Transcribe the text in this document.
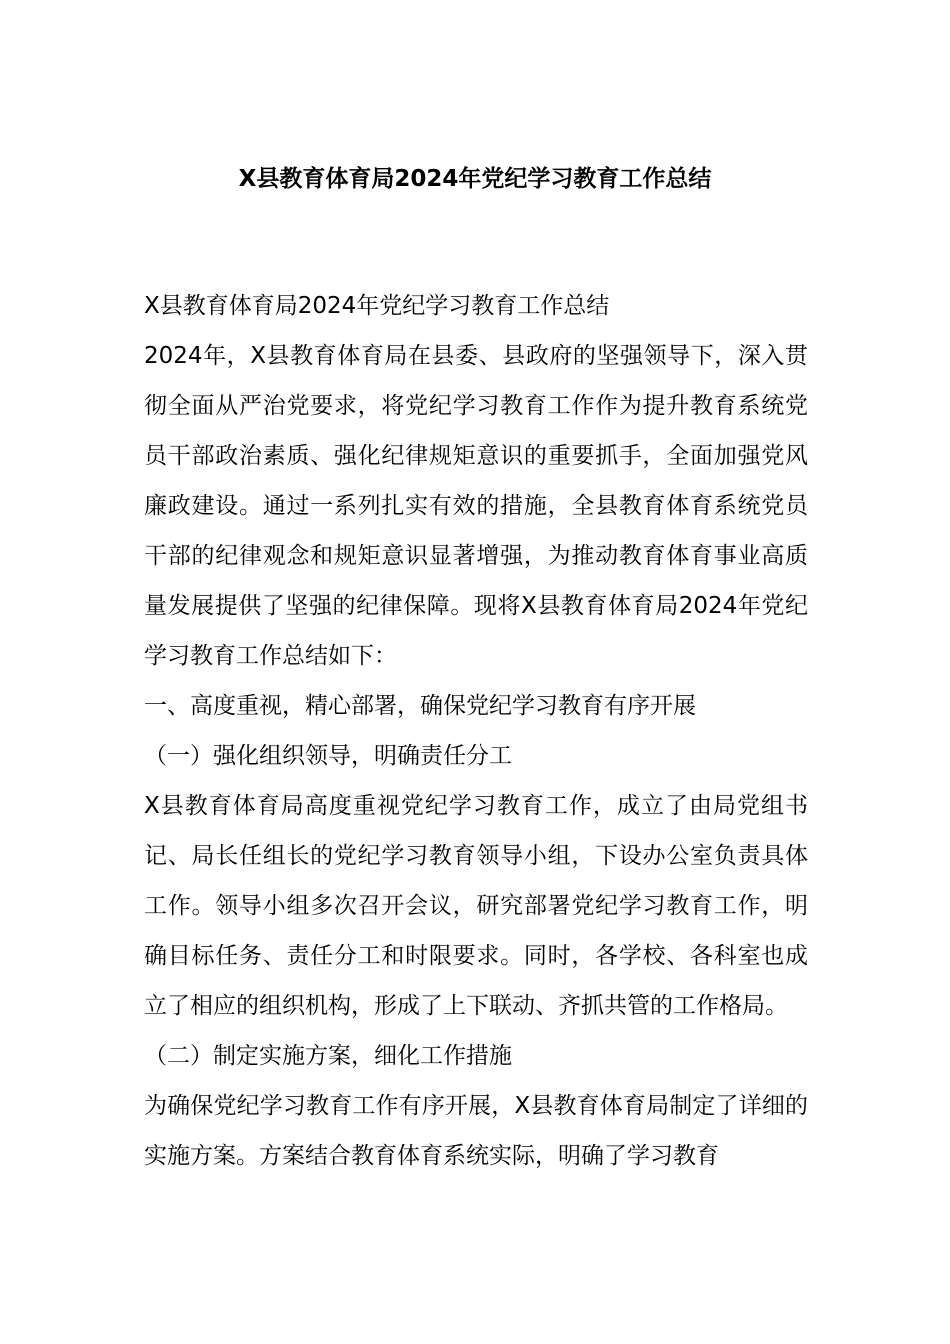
X县教育体育局2024年党纪学习教育工作总结

X县教育体育局2024年党纪学习教育工作总结

2024年，X县教育体育局在县委、县政府的坚强领导下，深入贯彻全面从严治党要求，将党纪学习教育工作作为提升教育系统党员干部政治素质、强化纪律规矩意识的重要抓手，全面加强党风廉政建设。通过一系列扎实有效的措施，全县教育体育系统党员干部的纪律观念和规矩意识显著增强，为推动教育体育事业高质量发展提供了坚强的纪律保障。现将X县教育体育局2024年党纪学习教育工作总结如下：

一、高度重视，精心部署，确保党纪学习教育有序开展

（一）强化组织领导，明确责任分工

X县教育体育局高度重视党纪学习教育工作，成立了由局党组书记、局长任组长的党纪学习教育领导小组，下设办公室负责具体工作。领导小组多次召开会议，研究部署党纪学习教育工作，明确目标任务、责任分工和时限要求。同时，各学校、各科室也成立了相应的组织机构，形成了上下联动、齐抓共管的工作格局。

（二）制定实施方案，细化工作措施

为确保党纪学习教育工作有序开展，X县教育体育局制定了详细的实施方案。方案结合教育体育系统实际，明确了学习教育
